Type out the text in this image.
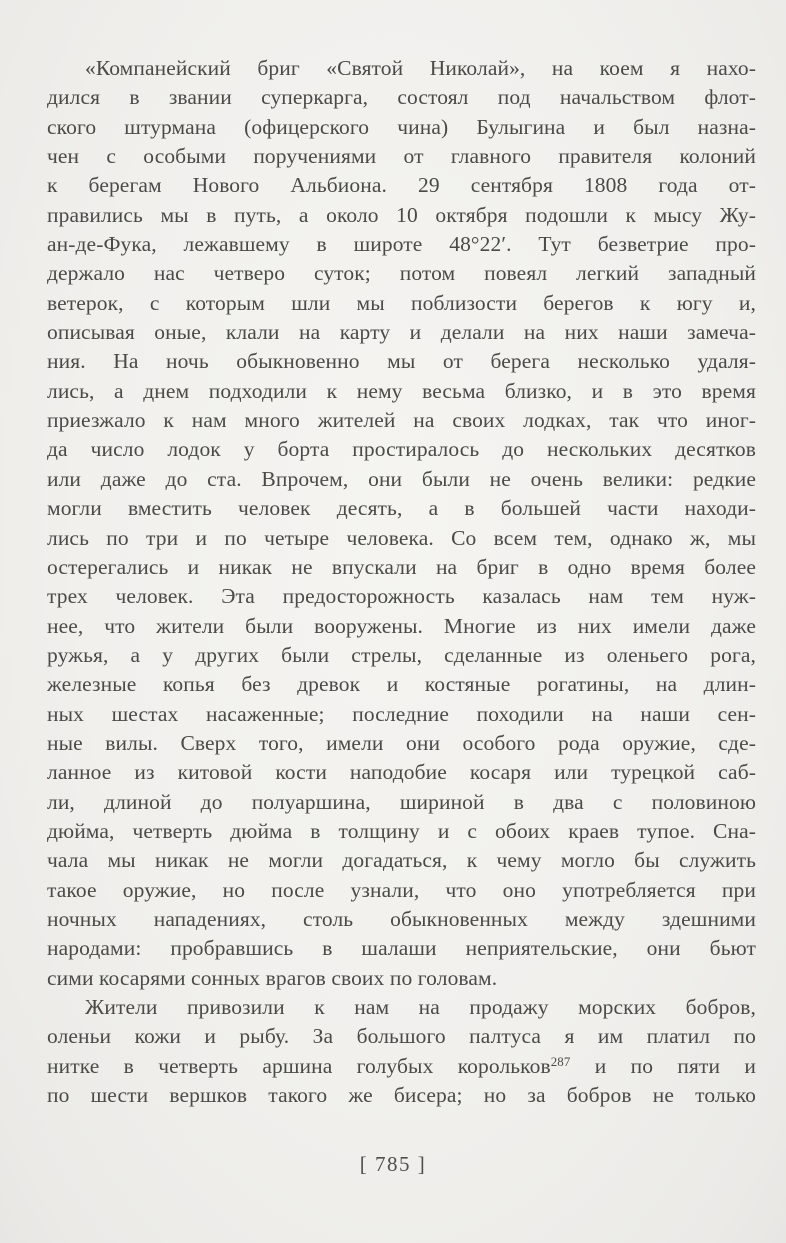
«Компанейский бриг «Святой Николай», на коем я нахо-
дился в звании суперкарга, состоял под начальством флот-
ского штурмана (офицерского чина) Булыгина и был назна-
чен с особыми поручениями от главного правителя колоний
к берегам Нового Альбиона. 29 сентября 1808 года от-
правились мы в путь, а около 10 октября подошли к мысу Жу-
ан-де-Фука, лежавшему в широте 48°22′. Тут безветрие про-
держало нас четверо суток; потом повеял легкий западный
ветерок, с которым шли мы поблизости берегов к югу и,
описывая оные, клали на карту и делали на них наши замеча-
ния. На ночь обыкновенно мы от берега несколько удаля-
лись, а днем подходили к нему весьма близко, и в это время
приезжало к нам много жителей на своих лодках, так что иног-
да число лодок у борта простиралось до нескольких десятков
или даже до ста. Впрочем, они были не очень велики: редкие
могли вместить человек десять, а в большей части находи-
лись по три и по четыре человека. Со всем тем, однако ж, мы
остерегались и никак не впускали на бриг в одно время более
трех человек. Эта предосторожность казалась нам тем нуж-
нее, что жители были вооружены. Многие из них имели даже
ружья, а у других были стрелы, сделанные из оленьего рога,
железные копья без древок и костяные рогатины, на длин-
ных шестах насаженные; последние походили на наши сен-
ные вилы. Сверх того, имели они особого рода оружие, сде-
ланное из китовой кости наподобие косаря или турецкой саб-
ли, длиной до полуаршина, шириной в два с половиною
дюйма, четверть дюйма в толщину и с обоих краев тупое. Сна-
чала мы никак не могли догадаться, к чему могло бы служить
такое оружие, но после узнали, что оно употребляется при
ночных нападениях, столь обыкновенных между здешними
народами: пробравшись в шалаши неприятельские, они бьют
сими косарями сонных врагов своих по головам.
Жители привозили к нам на продажу морских бобров,
оленьи кожи и рыбу. За большого палтуса я им платил по
нитке в четверть аршина голубых корольков$^{287}$ и по пяти и
по шести вершков такого же бисера; но за бобров не только
[ 785 ]
